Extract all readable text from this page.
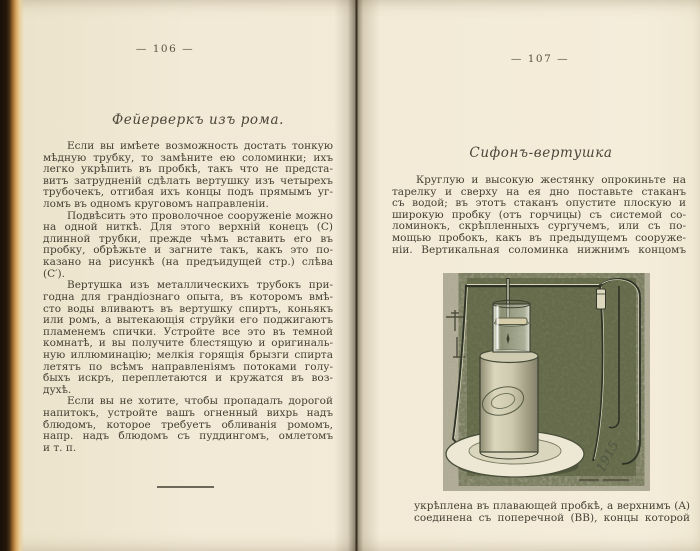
— 106 —
Фейерверкъ изъ рома.
Если вы имѣете возможность достать тонкую
мѣдную трубку, то замѣните ею соломинки; ихъ
легко укрѣпить въ пробкѣ, такъ что не предста-
витъ затрудненій сдѣлать вертушку изъ четырехъ
трубочекъ, отгибая ихъ концы подъ прямымъ уг-
ломъ въ одномъ круговомъ направленіи.
Подвѣсить это проволочное сооруженіе можно
на одной ниткѣ. Для этого верхній конецъ (C)
длинной трубки, прежде чѣмъ вставить его въ
пробку, обрѣжьте и загните такъ, какъ это по-
казано на рисункѣ (на предъидущей стр.) слѣва
(C′).
Вертушка изъ металлическихъ трубокъ при-
годна для грандіознаго опыта, въ которомъ вмѣ-
сто воды вливаютъ въ вертушку спиртъ, коньякъ
или ромъ, а вытекающія струйки его поджигаютъ
пламенемъ спички. Устройте все это въ темной
комнатѣ, и вы получите блестящую и оригиналь-
ную иллюминацію; мелкія горящія брызги спирта
летятъ по всѣмъ направленіямъ потоками голу-
быхъ искръ, переплетаются и кружатся въ воз-
духѣ.
Если вы не хотите, чтобы пропадалъ дорогой
напитокъ, устройте вашъ огненный вихрь надъ
блюдомъ, которое требуетъ обливанія ромомъ,
напр. надъ блюдомъ съ пуддингомъ, омлетомъ
и т. п.
— 107 —
Сифонъ-вертушка
Круглую и высокую жестянку опрокиньте на
тарелку и сверху на ея дно поставьте стаканъ
съ водой; въ этотъ стаканъ опустите плоскую и
широкую пробку (отъ горчицы) съ системой со-
ломинокъ, скрѣпленныхъ сургучемъ, или съ по-
мощью пробокъ, какъ въ предыдущемъ сооруже-
ніи. Вертикальная соломинка нижнимъ концомъ
1915
укрѣплена въ плавающей пробкѣ, а верхнимъ (A)
соединена съ поперечной (BB), концы которой
